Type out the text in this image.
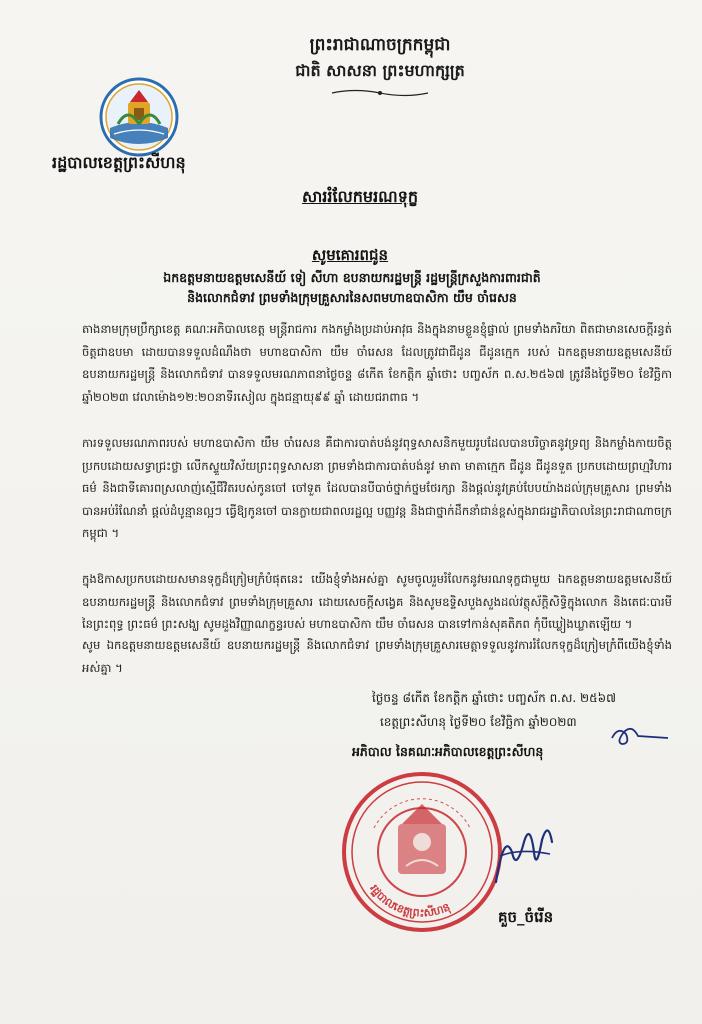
ព្រះរាជាណាចក្រកម្ពុជា
ជាតិ សាសនា ព្រះមហាក្សត្រ
រដ្ឋបាលខេត្តព្រះសីហនុ
សាររំលែកមរណទុក្ខ
សូមគោរពជូន
ឯកឧត្តមនាយឧត្តមសេនីយ៍ ទៀ សីហា ឧបនាយករដ្ឋមន្ត្រី រដ្ឋមន្ត្រីក្រសួងការពារជាតិ
និងលោកជំទាវ ព្រមទាំងក្រុមគ្រួសារនៃសពមហាឧបាសិកា យឹម ចាំរេសន
តាងនាមក្រុមប្រឹក្សាខេត្ត គណៈអភិបាលខេត្ត មន្ត្រីរាជការ កងកម្លាំងប្រដាប់អាវុធ និងក្នុងនាមខ្លួនខ្ញុំផ្ទាល់ ព្រមទាំងភរិយា ពិតជាមានសេចក្តីរន្ធត់ចិត្តជាឧបមា ដោយបានទទួលដំណឹងថា មហាឧបាសិកា យឹម ចាំរេសន ដែលត្រូវជាជីដូន ជីដូនក្មេក របស់ ឯកឧត្តមនាយឧត្តមសេនីយ៍ ឧបនាយករដ្ឋមន្ត្រី និងលោកជំទាវ បានទទួលមរណភាពនាថ្ងៃចន្ទ ៨កើត ខែកត្តិក ឆ្នាំថោះ បញ្ចស័ក ព.ស.២៥៦៧ ត្រូវនឹងថ្ងៃទី២០ ខែវិច្ឆិកា ឆ្នាំ២០២៣ វេលាម៉ោង១២:២០នាទីរសៀល ក្នុងជន្មាយុ៩៩ ឆ្នាំ ដោយជរាពាធ ។
ការទទួលមរណភាពរបស់ មហាឧបាសិកា យឹម ចាំរេសន គឺជាការបាត់បង់នូវពុទ្ធសាសនិកមួយរូបដែលបានបរិច្ចាគនូវទ្រព្យ និងកម្លាំងកាយចិត្តប្រកបដោយសទ្ធាជ្រះថ្លា លើកស្ទួយវិស័យព្រះពុទ្ធសាសនា ព្រមទាំងជាការបាត់បង់នូវ មាតា មាតាក្មេក ជីដូន ជីដូនទួត ប្រកបដោយព្រហ្មវិហារធម៌ និងជាទីគោរពស្រលាញ់ស្មើជីវិតរបស់កូនចៅ ចៅទួត ដែលបានបីបាច់ថ្នាក់ថ្នមថែរក្សា និងផ្តល់នូវគ្រប់បែបយ៉ាងដល់ក្រុមគ្រួសារ ព្រមទាំងបានអប់រំណែនាំ ផ្តល់ដំបូន្មានល្អៗ ធ្វើឱ្យកូនចៅ បានក្លាយជាពលរដ្ឋល្អ បញ្ញវន្ត និងជាថ្នាក់ដឹកនាំជាន់ខ្ពស់ក្នុងរាជរដ្ឋាភិបាលនៃព្រះរាជាណាចក្រកម្ពុជា ។
ក្នុងឱកាសប្រកបដោយសមានទុក្ខដ៏ក្រៀមក្រំបំផុតនេះ យើងខ្ញុំទាំងអស់គ្នា សូមចូលរួមរំលែកនូវមរណទុក្ខជាមួយ ឯកឧត្តមនាយឧត្តមសេនីយ៍ ឧបនាយករដ្ឋមន្ត្រី និងលោកជំទាវ ព្រមទាំងក្រុមគ្រួសារ ដោយសេចក្តីសង្វេគ និងសូមឧទ្ទិសបួងសួងដល់វត្ថុស័ក្តិសិទ្ធិក្នុងលោក និងតេជៈបារមី នៃព្រះពុទ្ធ ព្រះធម៌ ព្រះសង្ឃ សូមដួងវិញ្ញាណក្ខន្ធរបស់ មហាឧបាសិកា យឹម ចាំរេសន បានទៅកាន់សុគតិភព កុំបីឃ្លៀងឃ្លាតឡើយ ។
សូម ឯកឧត្តមនាយឧត្តមសេនីយ៍ ឧបនាយករដ្ឋមន្ត្រី និងលោកជំទាវ ព្រមទាំងក្រុមគ្រួសារមេត្តាទទួលនូវការរំលែកទុក្ខដ៏ក្រៀមក្រំពីយើងខ្ញុំទាំងអស់គ្នា ។
ថ្ងៃចន្ទ ៨កើត ខែកត្តិក ឆ្នាំថោះ បញ្ចស័ក ព.ស. ២៥៦៧
ខេត្តព្រះសីហនុ ថ្ងៃទី២០ ខែវិច្ឆិកា ឆ្នាំ២០២៣
អភិបាល នៃគណៈអភិបាលខេត្តព្រះសីហនុ
រដ្ឋបាលខេត្តព្រះសីហនុ
គួច_ចំរើន
